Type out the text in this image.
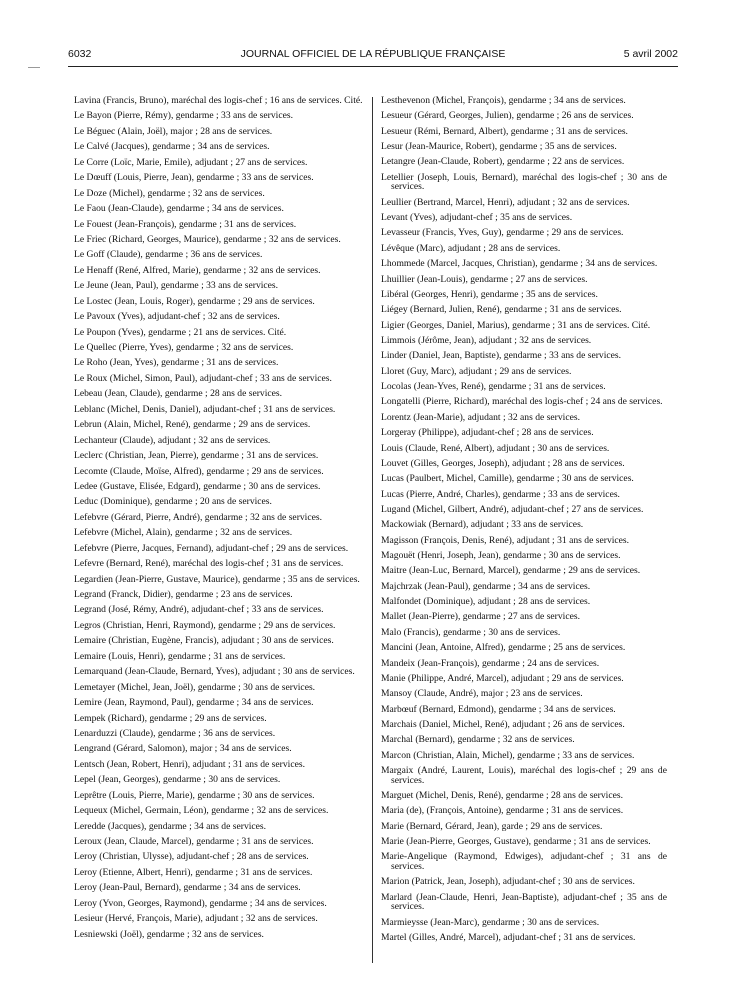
6032	JOURNAL OFFICIEL DE LA RÉPUBLIQUE FRANÇAISE	5 avril 2002

Lavina (Francis, Bruno), maréchal des logis-chef ; 16 ans de services. Cité.

Le Bayon (Pierre, Rémy), gendarme ; 33 ans de services.

Le Béguec (Alain, Joël), major ; 28 ans de services.

Le Calvé (Jacques), gendarme ; 34 ans de services.

Le Corre (Loïc, Marie, Emile), adjudant ; 27 ans de services.

Le Dœuff (Louis, Pierre, Jean), gendarme ; 33 ans de services.

Le Doze (Michel), gendarme ; 32 ans de services.

Le Faou (Jean-Claude), gendarme ; 34 ans de services.

Le Fouest (Jean-François), gendarme ; 31 ans de services.

Le Friec (Richard, Georges, Maurice), gendarme ; 32 ans de services.

Le Goff (Claude), gendarme ; 36 ans de services.

Le Henaff (René, Alfred, Marie), gendarme ; 32 ans de services.

Le Jeune (Jean, Paul), gendarme ; 33 ans de services.

Le Lostec (Jean, Louis, Roger), gendarme ; 29 ans de services.

Le Pavoux (Yves), adjudant-chef ; 32 ans de services.

Le Poupon (Yves), gendarme ; 21 ans de services. Cité.

Le Quellec (Pierre, Yves), gendarme ; 32 ans de services.

Le Roho (Jean, Yves), gendarme ; 31 ans de services.

Le Roux (Michel, Simon, Paul), adjudant-chef ; 33 ans de services.

Lebeau (Jean, Claude), gendarme ; 28 ans de services.

Leblanc (Michel, Denis, Daniel), adjudant-chef ; 31 ans de services.

Lebrun (Alain, Michel, René), gendarme ; 29 ans de services.

Lechanteur (Claude), adjudant ; 32 ans de services.

Leclerc (Christian, Jean, Pierre), gendarme ; 31 ans de services.

Lecomte (Claude, Moïse, Alfred), gendarme ; 29 ans de services.

Ledee (Gustave, Elisée, Edgard), gendarme ; 30 ans de services.

Leduc (Dominique), gendarme ; 20 ans de services.

Lefebvre (Gérard, Pierre, André), gendarme ; 32 ans de services.

Lefebvre (Michel, Alain), gendarme ; 32 ans de services.

Lefebvre (Pierre, Jacques, Fernand), adjudant-chef ; 29 ans de services.

Lefevre (Bernard, René), maréchal des logis-chef ; 31 ans de services.

Legardien (Jean-Pierre, Gustave, Maurice), gendarme ; 35 ans de services.

Legrand (Franck, Didier), gendarme ; 23 ans de services.

Legrand (José, Rémy, André), adjudant-chef ; 33 ans de services.

Legros (Christian, Henri, Raymond), gendarme ; 29 ans de services.

Lemaire (Christian, Eugène, Francis), adjudant ; 30 ans de services.

Lemaire (Louis, Henri), gendarme ; 31 ans de services.

Lemarquand (Jean-Claude, Bernard, Yves), adjudant ; 30 ans de services.

Lemetayer (Michel, Jean, Joël), gendarme ; 30 ans de services.

Lemire (Jean, Raymond, Paul), gendarme ; 34 ans de services.

Lempek (Richard), gendarme ; 29 ans de services.

Lenarduzzi (Claude), gendarme ; 36 ans de services.

Lengrand (Gérard, Salomon), major ; 34 ans de services.

Lentsch (Jean, Robert, Henri), adjudant ; 31 ans de services.

Lepel (Jean, Georges), gendarme ; 30 ans de services.

Leprêtre (Louis, Pierre, Marie), gendarme ; 30 ans de services.

Lequeux (Michel, Germain, Léon), gendarme ; 32 ans de services.

Leredde (Jacques), gendarme ; 34 ans de services.

Leroux (Jean, Claude, Marcel), gendarme ; 31 ans de services.

Leroy (Christian, Ulysse), adjudant-chef ; 28 ans de services.

Leroy (Etienne, Albert, Henri), gendarme ; 31 ans de services.

Leroy (Jean-Paul, Bernard), gendarme ; 34 ans de services.

Leroy (Yvon, Georges, Raymond), gendarme ; 34 ans de services.

Lesieur (Hervé, François, Marie), adjudant ; 32 ans de services.

Lesniewski (Joël), gendarme ; 32 ans de services.

Lesthevenon (Michel, François), gendarme ; 34 ans de services.

Lesueur (Gérard, Georges, Julien), gendarme ; 26 ans de services.

Lesueur (Rémi, Bernard, Albert), gendarme ; 31 ans de services.

Lesur (Jean-Maurice, Robert), gendarme ; 35 ans de services.

Letangre (Jean-Claude, Robert), gendarme ; 22 ans de services.

Letellier (Joseph, Louis, Bernard), maréchal des logis-chef ; 30 ans de services.

Leullier (Bertrand, Marcel, Henri), adjudant ; 32 ans de services.

Levant (Yves), adjudant-chef ; 35 ans de services.

Levasseur (Francis, Yves, Guy), gendarme ; 29 ans de services.

Lévêque (Marc), adjudant ; 28 ans de services.

Lhommede (Marcel, Jacques, Christian), gendarme ; 34 ans de services.

Lhuillier (Jean-Louis), gendarme ; 27 ans de services.

Libéral (Georges, Henri), gendarme ; 35 ans de services.

Liégey (Bernard, Julien, René), gendarme ; 31 ans de services.

Ligier (Georges, Daniel, Marius), gendarme ; 31 ans de services. Cité.

Limmois (Jérôme, Jean), adjudant ; 32 ans de services.

Linder (Daniel, Jean, Baptiste), gendarme ; 33 ans de services.

Lloret (Guy, Marc), adjudant ; 29 ans de services.

Locolas (Jean-Yves, René), gendarme ; 31 ans de services.

Longatelli (Pierre, Richard), maréchal des logis-chef ; 24 ans de services.

Lorentz (Jean-Marie), adjudant ; 32 ans de services.

Lorgeray (Philippe), adjudant-chef ; 28 ans de services.

Louis (Claude, René, Albert), adjudant ; 30 ans de services.

Louvet (Gilles, Georges, Joseph), adjudant ; 28 ans de services.

Lucas (Paulbert, Michel, Camille), gendarme ; 30 ans de services.

Lucas (Pierre, André, Charles), gendarme ; 33 ans de services.

Lugand (Michel, Gilbert, André), adjudant-chef ; 27 ans de services.

Mackowiak (Bernard), adjudant ; 33 ans de services.

Magisson (François, Denis, René), adjudant ; 31 ans de services.

Magouët (Henri, Joseph, Jean), gendarme ; 30 ans de services.

Maitre (Jean-Luc, Bernard, Marcel), gendarme ; 29 ans de services.

Majchrzak (Jean-Paul), gendarme ; 34 ans de services.

Malfondet (Dominique), adjudant ; 28 ans de services.

Mallet (Jean-Pierre), gendarme ; 27 ans de services.

Malo (Francis), gendarme ; 30 ans de services.

Mancini (Jean, Antoine, Alfred), gendarme ; 25 ans de services.

Mandeix (Jean-François), gendarme ; 24 ans de services.

Manie (Philippe, André, Marcel), adjudant ; 29 ans de services.

Mansoy (Claude, André), major ; 23 ans de services.

Marbœuf (Bernard, Edmond), gendarme ; 34 ans de services.

Marchais (Daniel, Michel, René), adjudant ; 26 ans de services.

Marchal (Bernard), gendarme ; 32 ans de services.

Marcon (Christian, Alain, Michel), gendarme ; 33 ans de services.

Margaix (André, Laurent, Louis), maréchal des logis-chef ; 29 ans de services.

Marguet (Michel, Denis, René), gendarme ; 28 ans de services.

Maria (de), (François, Antoine), gendarme ; 31 ans de services.

Marie (Bernard, Gérard, Jean), garde ; 29 ans de services.

Marie (Jean-Pierre, Georges, Gustave), gendarme ; 31 ans de services.

Marie-Angelique (Raymond, Edwiges), adjudant-chef ; 31 ans de services.

Marion (Patrick, Jean, Joseph), adjudant-chef ; 30 ans de services.

Marlard (Jean-Claude, Henri, Jean-Baptiste), adjudant-chef ; 35 ans de services.

Marmieysse (Jean-Marc), gendarme ; 30 ans de services.

Martel (Gilles, André, Marcel), adjudant-chef ; 31 ans de services.
